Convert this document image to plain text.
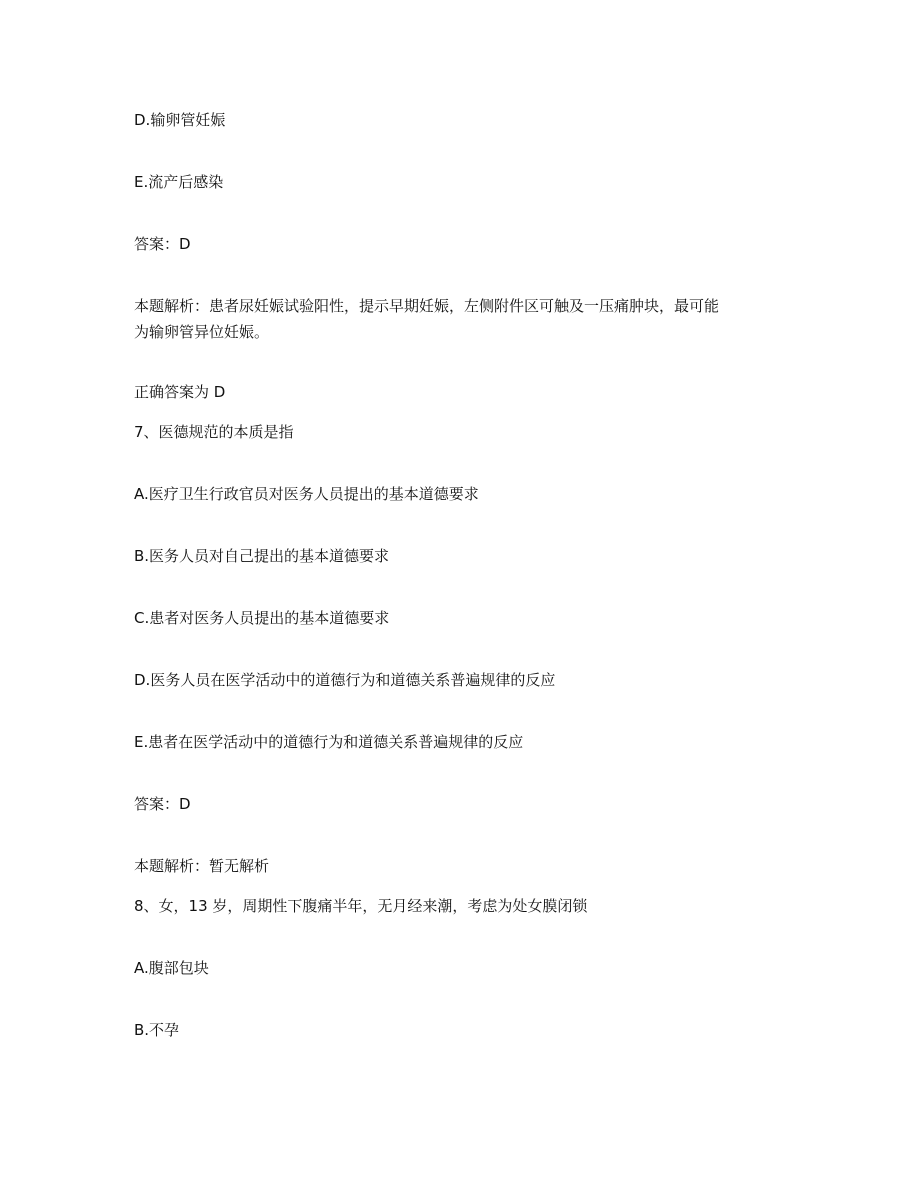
D.输卵管妊娠

E.流产后感染

答案：D

本题解析：患者尿妊娠试验阳性，提示早期妊娠，左侧附件区可触及一压痛肿块，最可能

为输卵管异位妊娠。

正确答案为 D

7、医德规范的本质是指

A.医疗卫生行政官员对医务人员提出的基本道德要求

B.医务人员对自己提出的基本道德要求

C.患者对医务人员提出的基本道德要求

D.医务人员在医学活动中的道德行为和道德关系普遍规律的反应

E.患者在医学活动中的道德行为和道德关系普遍规律的反应

答案：D

本题解析：暂无解析

8、女，13 岁，周期性下腹痛半年，无月经来潮，考虑为处女膜闭锁

A.腹部包块

B.不孕
